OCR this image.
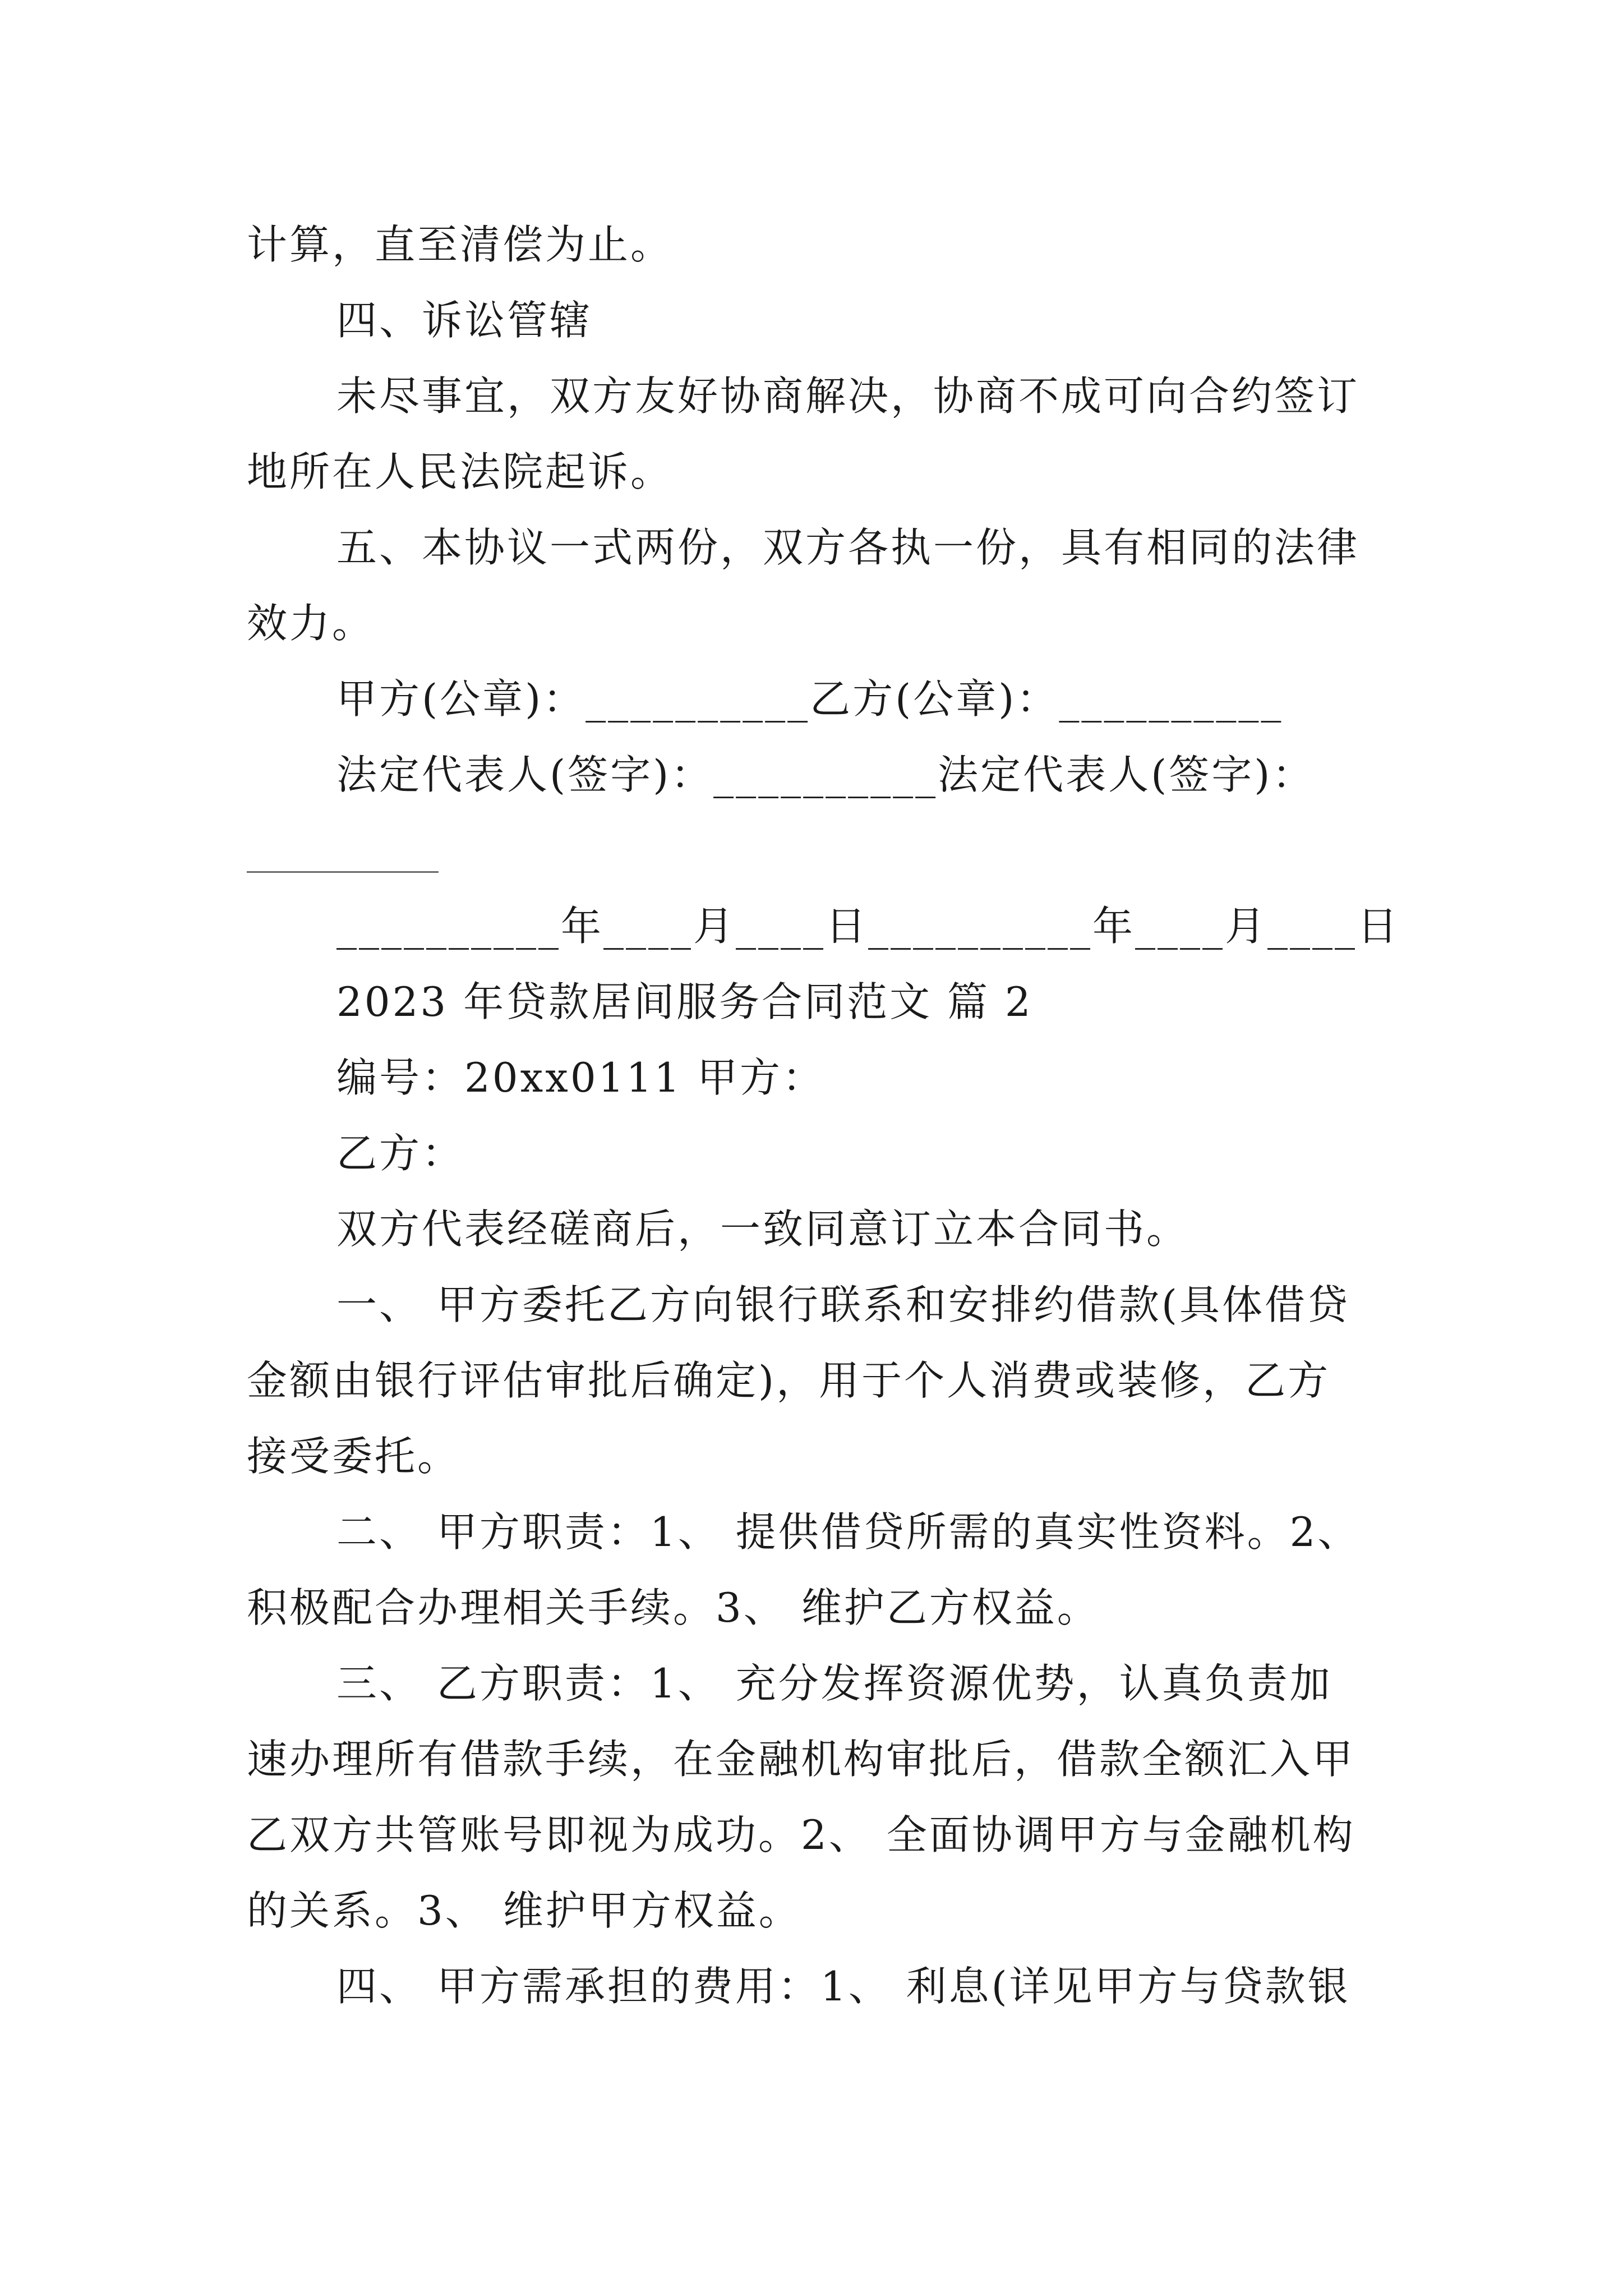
计算，直至清偿为止。
四、诉讼管辖
未尽事宜，双方友好协商解决，协商不成可向合约签订
地所在人民法院起诉。
五、本协议一式两份，双方各执一份，具有相同的法律
效力。
甲方(公章)：__________乙方(公章)：__________
法定代表人(签字)：__________法定代表人(签字)：
__________年____月____日__________年____月____日
2023 年贷款居间服务合同范文 篇 2
编号：20xx0111 甲方：
乙方：
双方代表经磋商后，一致同意订立本合同书。
一、 甲方委托乙方向银行联系和安排约借款(具体借贷
金额由银行评估审批后确定)，用于个人消费或装修，乙方
接受委托。
二、 甲方职责：1、 提供借贷所需的真实性资料。2、
积极配合办理相关手续。3、 维护乙方权益。
三、 乙方职责：1、 充分发挥资源优势，认真负责加
速办理所有借款手续，在金融机构审批后，借款全额汇入甲
乙双方共管账号即视为成功。2、 全面协调甲方与金融机构
的关系。3、 维护甲方权益。
四、 甲方需承担的费用：1、 利息(详见甲方与贷款银
